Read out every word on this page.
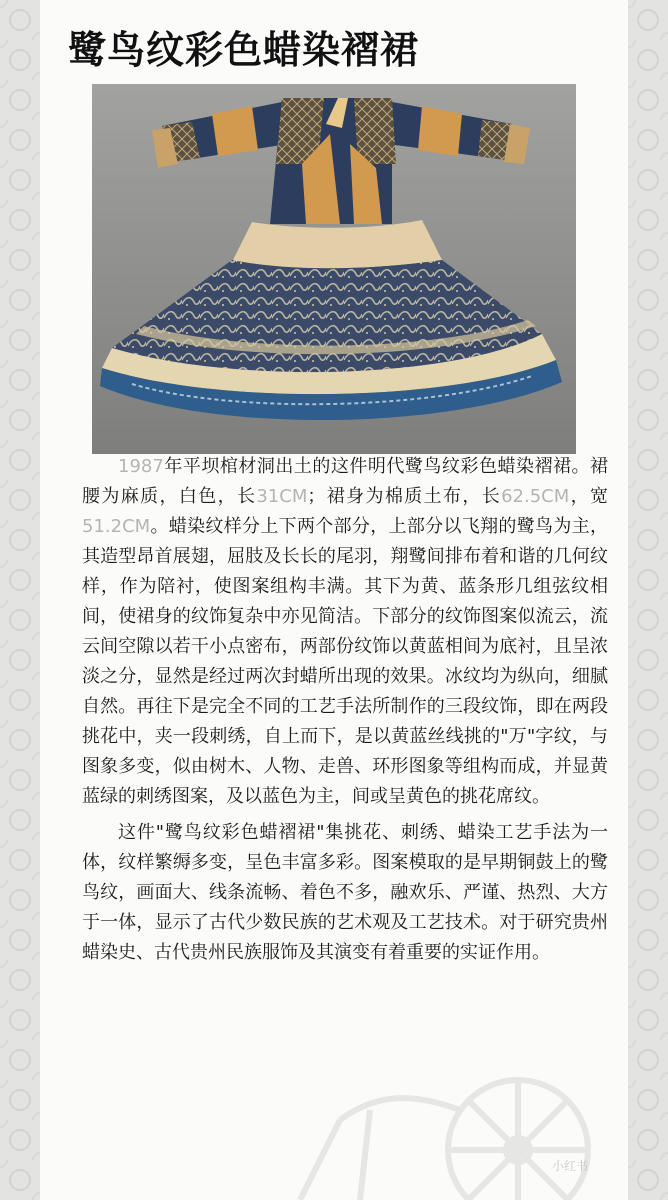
鹭鸟纹彩色蜡染褶裙

1987年平坝棺材洞出土的这件明代鹭鸟纹彩色蜡染褶裙。裙腰为麻质，白色，长31CM；裙身为棉质土布，长62.5CM，宽51.2CM。蜡染纹样分上下两个部分，上部分以飞翔的鹭鸟为主，其造型昂首展翅，屈肢及长长的尾羽，翔鹭间排布着和谐的几何纹样，作为陪衬，使图案组构丰满。其下为黄、蓝条形几组弦纹相间，使裙身的纹饰复杂中亦见简洁。下部分的纹饰图案似流云，流云间空隙以若干小点密布，两部份纹饰以黄蓝相间为底衬，且呈浓淡之分，显然是经过两次封蜡所出现的效果。冰纹均为纵向，细腻自然。再往下是完全不同的工艺手法所制作的三段纹饰，即在两段挑花中，夹一段刺绣，自上而下，是以黄蓝丝线挑的"万"字纹，与图象多变，似由树木、人物、走兽、环形图象等组构而成，并显黄蓝绿的刺绣图案，及以蓝色为主，间或呈黄色的挑花席纹。

这件"鹭鸟纹彩色蜡褶裙"集挑花、刺绣、蜡染工艺手法为一体，纹样繁缛多变，呈色丰富多彩。图案模取的是早期铜鼓上的鹭鸟纹，画面大、线条流畅、着色不多，融欢乐、严谨、热烈、大方于一体，显示了古代少数民族的艺术观及工艺技术。对于研究贵州蜡染史、古代贵州民族服饰及其演变有着重要的实证作用。

小红书
